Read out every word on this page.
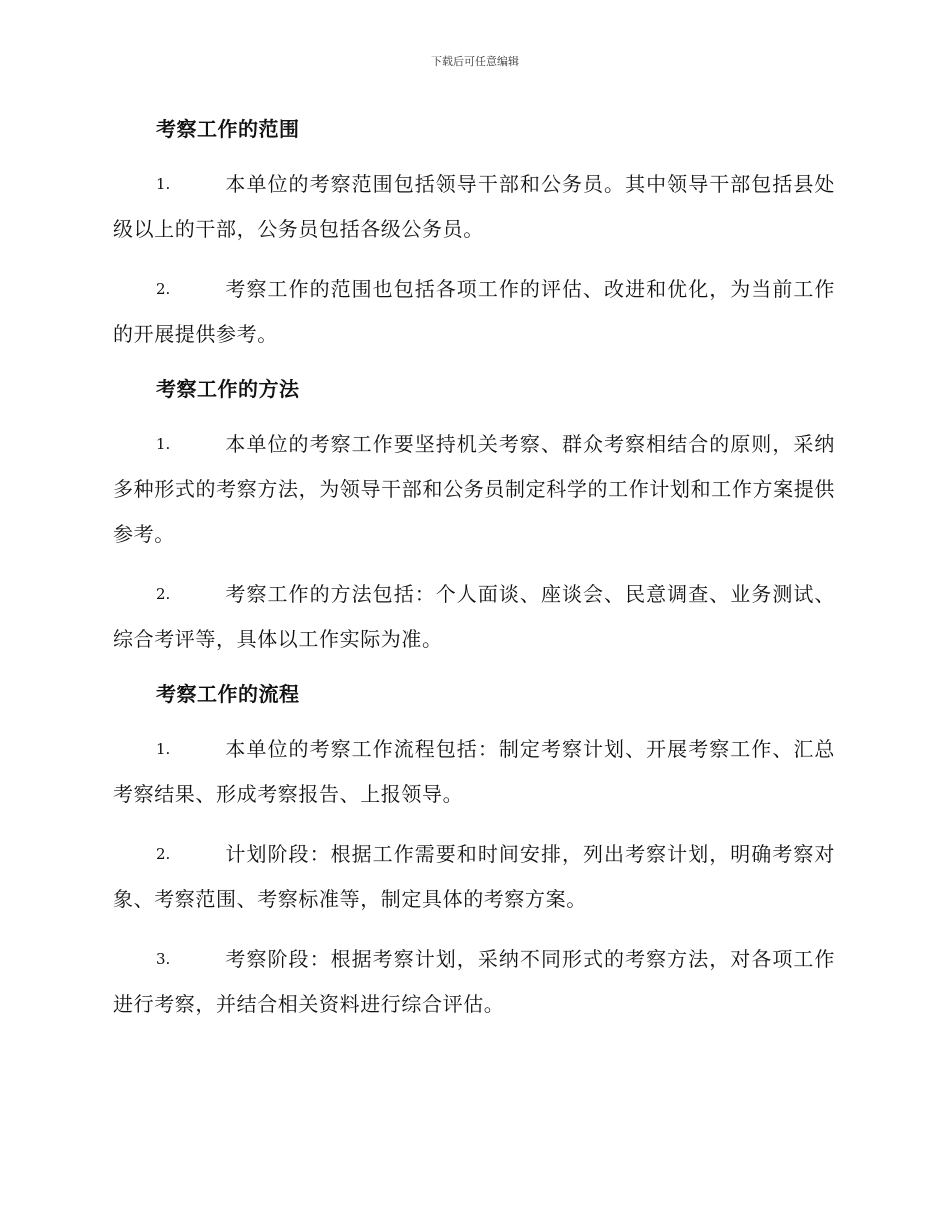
下载后可任意编辑
考察工作的范围
1.	本单位的考察范围包括领导干部和公务员。其中领导干部包括县处级以上的干部，公务员包括各级公务员。
2.	考察工作的范围也包括各项工作的评估、改进和优化，为当前工作的开展提供参考。
考察工作的方法
1.	本单位的考察工作要坚持机关考察、群众考察相结合的原则，采纳多种形式的考察方法，为领导干部和公务员制定科学的工作计划和工作方案提供参考。
2.	考察工作的方法包括：个人面谈、座谈会、民意调查、业务测试、综合考评等，具体以工作实际为准。
考察工作的流程
1.	本单位的考察工作流程包括：制定考察计划、开展考察工作、汇总考察结果、形成考察报告、上报领导。
2.	计划阶段：根据工作需要和时间安排，列出考察计划，明确考察对象、考察范围、考察标准等，制定具体的考察方案。
3.	考察阶段：根据考察计划，采纳不同形式的考察方法，对各项工作进行考察，并结合相关资料进行综合评估。
